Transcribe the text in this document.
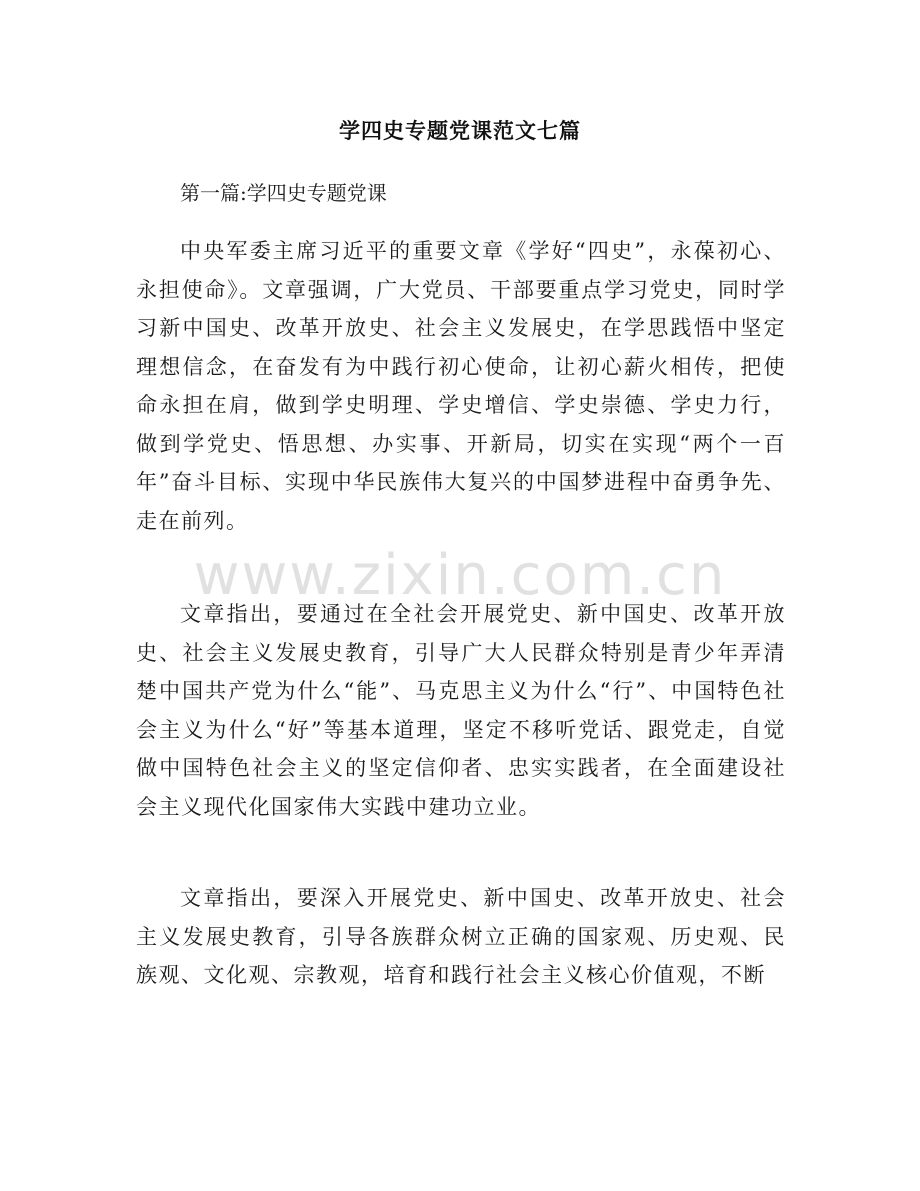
学四史专题党课范文七篇
第一篇:学四史专题党课

中央军委主席习近平的重要文章《学好“四史”，永葆初心、永担使命》。文章强调，广大党员、干部要重点学习党史，同时学习新中国史、改革开放史、社会主义发展史，在学思践悟中坚定理想信念，在奋发有为中践行初心使命，让初心薪火相传，把使命永担在肩，做到学史明理、学史增信、学史崇德、学史力行，做到学党史、悟思想、办实事、开新局，切实在实现“两个一百年”奋斗目标、实现中华民族伟大复兴的中国梦进程中奋勇争先、走在前列。

文章指出，要通过在全社会开展党史、新中国史、改革开放史、社会主义发展史教育，引导广大人民群众特别是青少年弄清楚中国共产党为什么“能”、马克思主义为什么“行”、中国特色社会主义为什么“好”等基本道理，坚定不移听党话、跟党走，自觉做中国特色社会主义的坚定信仰者、忠实实践者，在全面建设社会主义现代化国家伟大实践中建功立业。

文章指出，要深入开展党史、新中国史、改革开放史、社会主义发展史教育，引导各族群众树立正确的国家观、历史观、民族观、文化观、宗教观，培育和践行社会主义核心价值观，不断

www.zixin.com.cn
